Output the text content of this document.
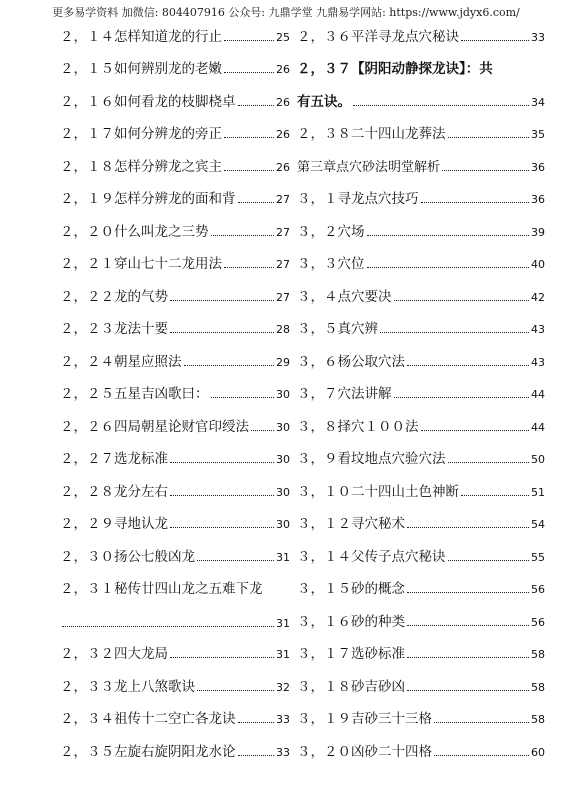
更多易学资料 加微信: 804407916 公众号: 九鼎学堂 九鼎易学网站: https://www.jdyx6.com/
２，１４怎样知道龙的行止	25
２，１５如何辨别龙的老嫩	26
２，１６如何看龙的枝脚桡卓	26
２，１７如何分辨龙的旁正	26
２，１８怎样分辨龙之宾主	26
２，１９怎样分辨龙的面和背	27
２，２０什么叫龙之三势	27
２，２１穿山七十二龙用法	27
２，２２龙的气势	27
２，２３龙法十要	28
２，２４朝星应照法	29
２，２５五星吉凶歌曰：	30
２，２６四局朝星论财官印绶法 30
２，２７选龙标准	30
２，２８龙分左右	30
２，２９寻地认龙	30
２，３０扬公七般凶龙	31
２，３１秘传廿四山龙之五难下龙
31
２，３２四大龙局	31
２，３３龙上八煞歌诀	32
２，３４祖传十二空亡各龙诀	33
２，３５左旋右旋阴阳龙水论	33
２，３６平洋寻龙点穴秘诀	33
２，３７【阴阳动静探龙诀】：共
有五诀。	34
２，３８二十四山龙葬法	35
第三章点穴砂法明堂解析	36
３，１寻龙点穴技巧	36
３，２穴场	39
３，３穴位	40
３，４点穴要决	42
３，５真穴辨	43
３，６杨公取穴法	43
３，７穴法讲解	44
３，８择穴１００法	44
３，９看坟地点穴验穴法	50
３，１０二十四山土色神断	51
３，１２寻穴秘术	54
３，１４父传子点穴秘诀	55
３，１５砂的概念	56
３，１６砂的种类	56
３，１７选砂标准	58
３，１８砂吉砂凶	58
３，１９吉砂三十三格	58
３，２０凶砂二十四格	60
